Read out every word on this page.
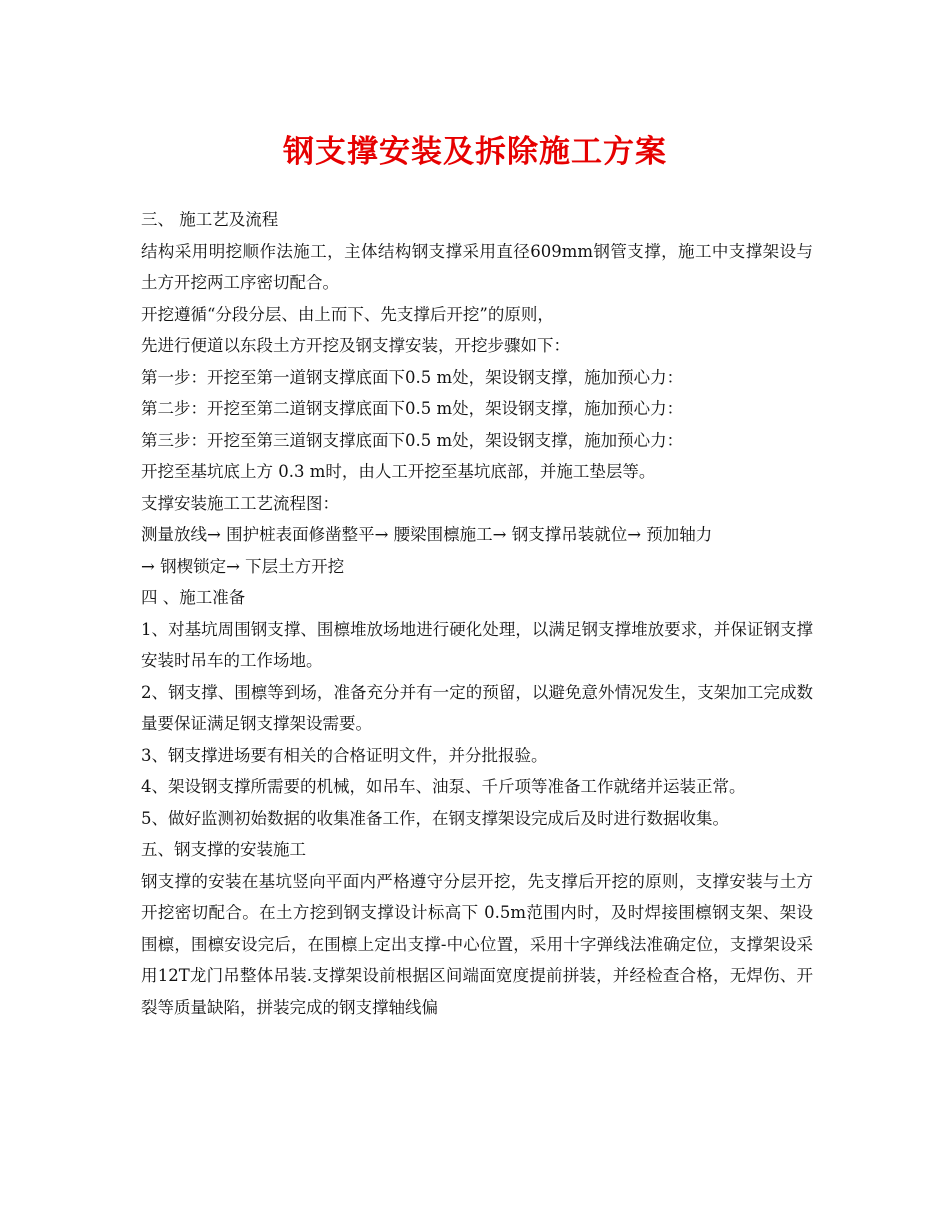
钢支撑安装及拆除施工方案

三、 施工艺及流程

结构采用明挖顺作法施工，主体结构钢支撑采用直径609mm钢管支撑，施工中支撑架设与土方开挖两工序密切配合。

开挖遵循“分段分层、由上而下、先支撑后开挖”的原则，

先进行便道以东段土方开挖及钢支撑安装，开挖步骤如下：

第一步：开挖至第一道钢支撑底面下0.5 m处，架设钢支撑，施加预心力：

第二步：开挖至第二道钢支撑底面下0.5 m处，架设钢支撑，施加预心力：

第三步：开挖至第三道钢支撑底面下0.5 m处，架设钢支撑，施加预心力：

开挖至基坑底上方 0.3 m时，由人工开挖至基坑底部，并施工垫层等。

支撑安装施工工艺流程图：

测量放线→ 围护桩表面修凿整平→ 腰梁围檩施工→ 钢支撑吊装就位→ 预加轴力

→ 钢楔锁定→ 下层土方开挖

四 、施工准备

1、对基坑周围钢支撑、围檩堆放场地进行硬化处理，以满足钢支撑堆放要求，并保证钢支撑安装时吊车的工作场地。

2、钢支撑、围檩等到场，准备充分并有一定的预留，以避免意外情况发生，支架加工完成数量要保证满足钢支撑架设需要。

3、钢支撑进场要有相关的合格证明文件，并分批报验。

4、架设钢支撑所需要的机械，如吊车、油泵、千斤项等准备工作就绪并运装正常。

5、做好监测初始数据的收集准备工作，在钢支撑架设完成后及时进行数据收集。

五、钢支撑的安装施工

钢支撑的安装在基坑竖向平面内严格遵守分层开挖，先支撑后开挖的原则，支撑安装与土方开挖密切配合。在土方挖到钢支撑设计标高下 0.5m范围内时，及时焊接围檩钢支架、架设围檩，围檩安设完后，在围檩上定出支撑-中心位置，采用十字弹线法准确定位，支撑架设采用12T龙门吊整体吊装.支撑架设前根据区间端面宽度提前拼装，并经检查合格，无焊伤、开裂等质量缺陷，拼装完成的钢支撑轴线偏
